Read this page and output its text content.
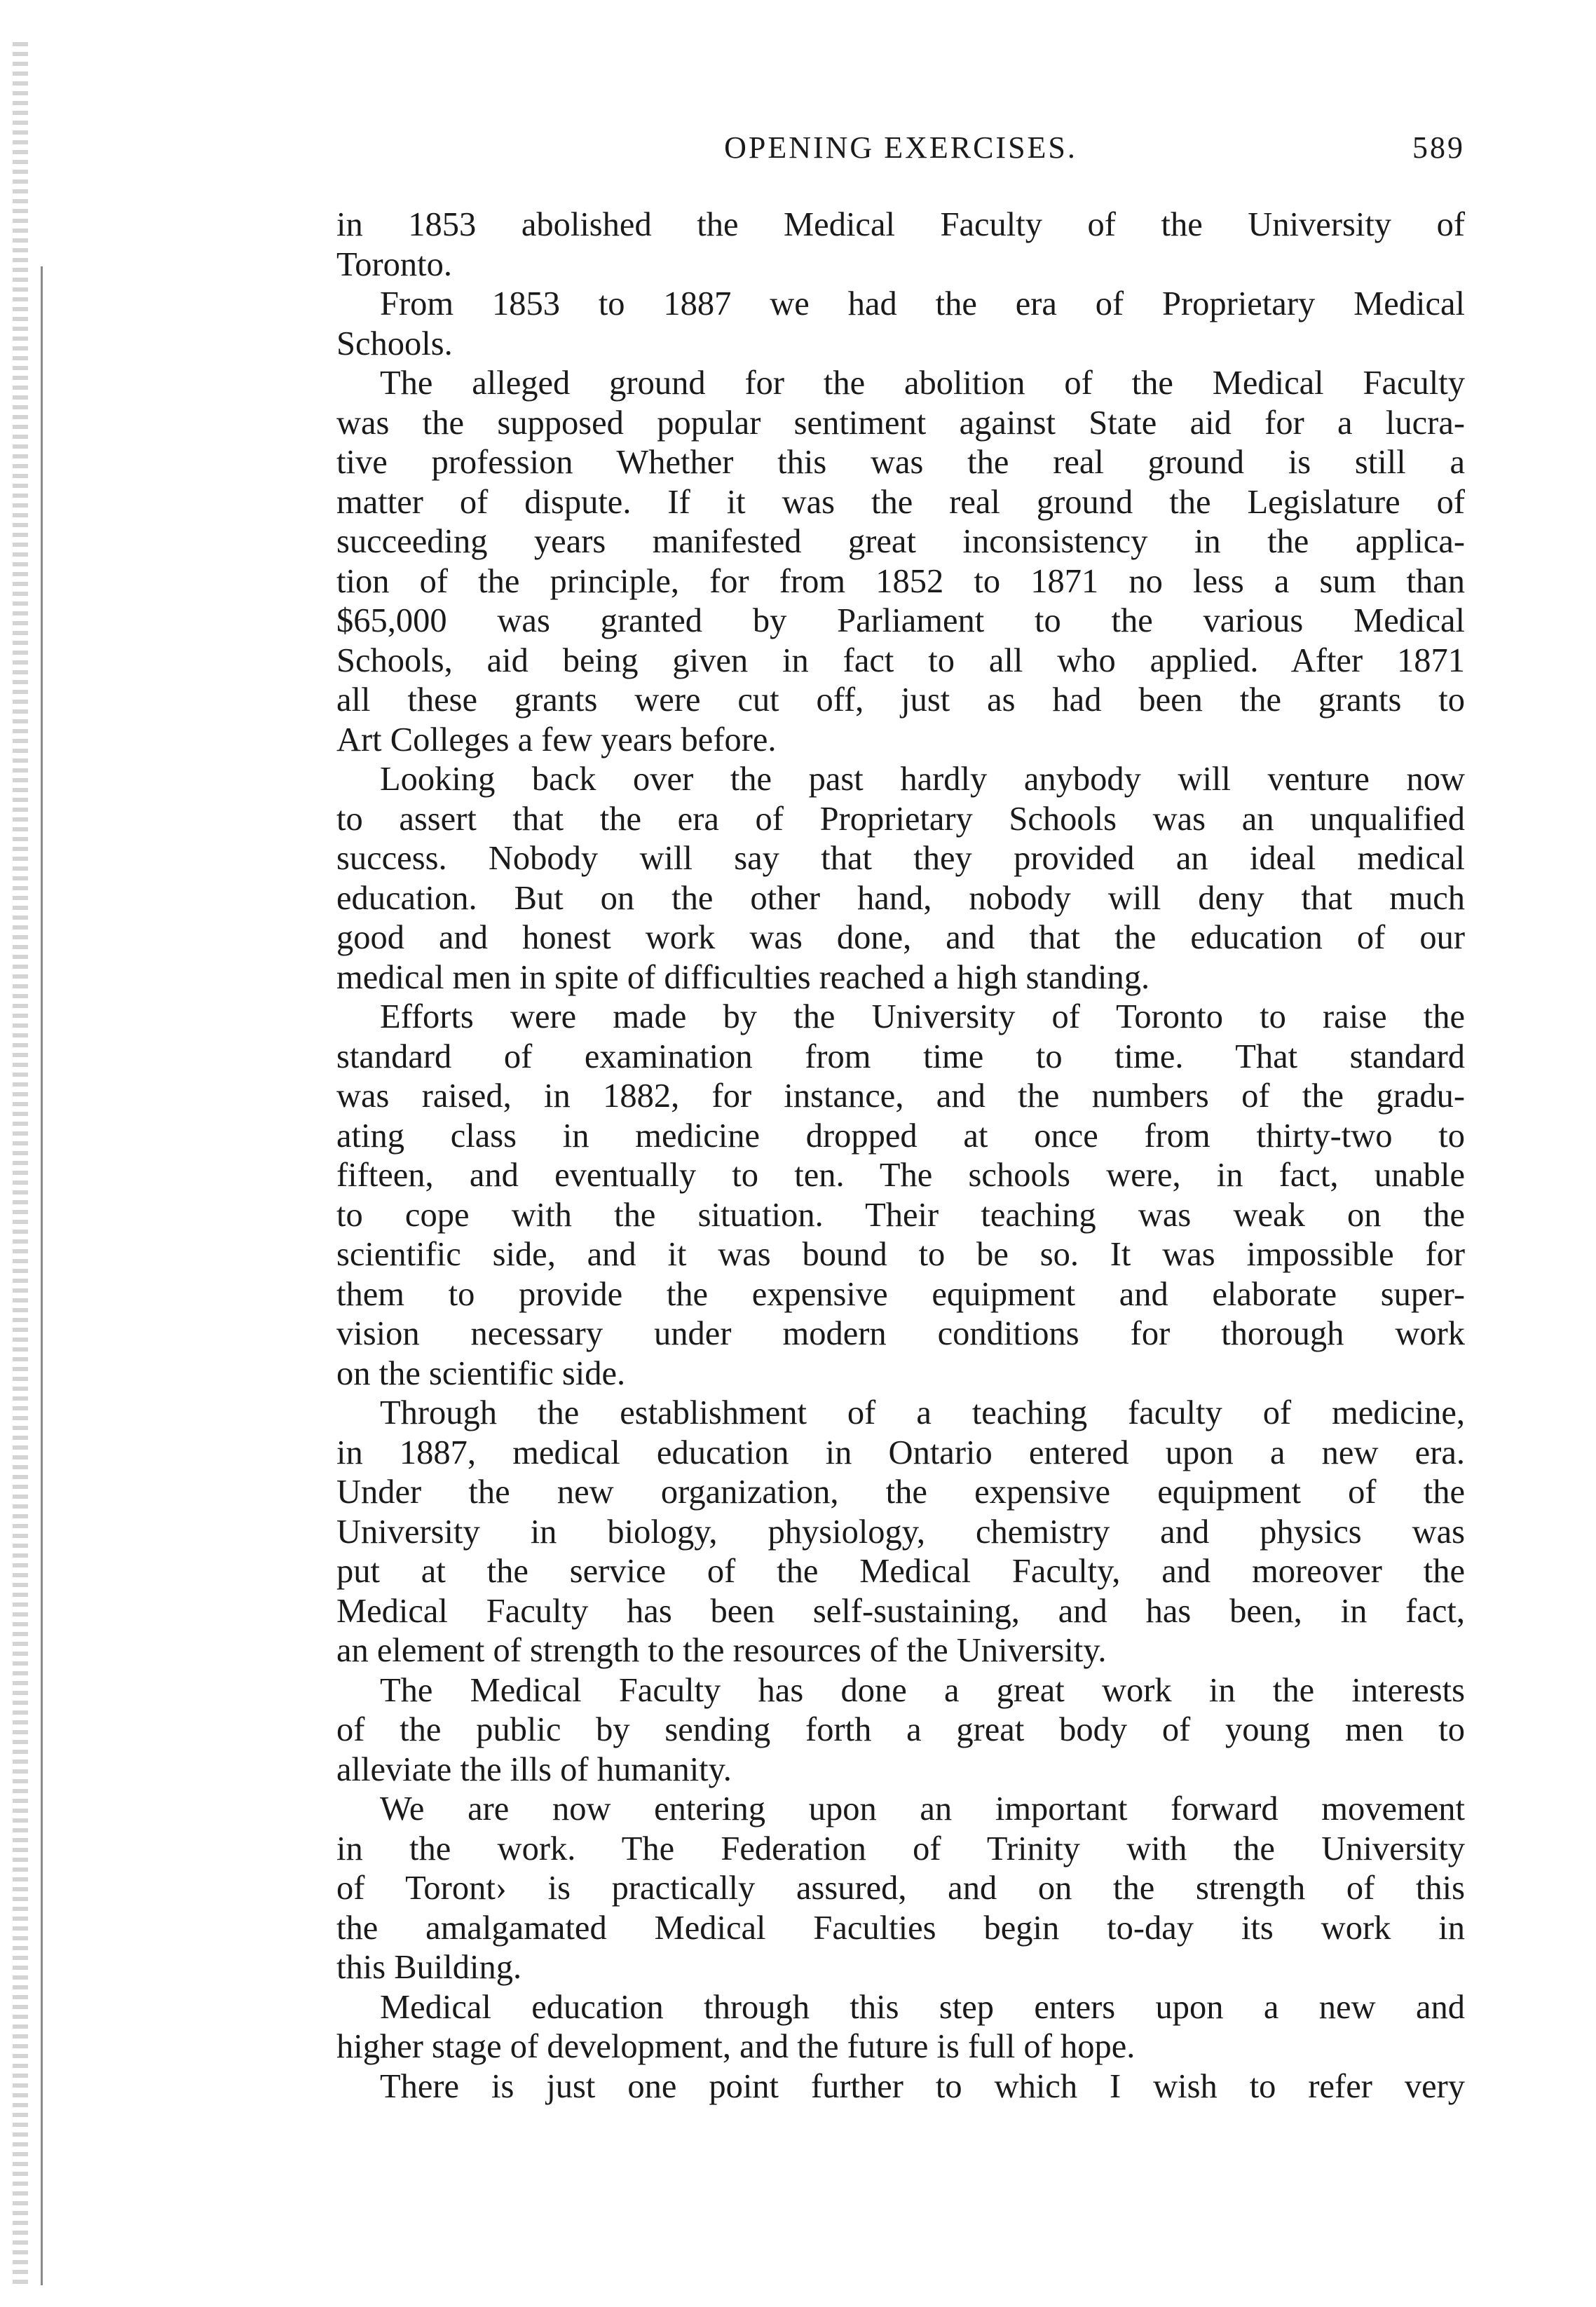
OPENING EXERCISES.	589
in 1853 abolished the Medical Faculty of the University of
Toronto.
From 1853 to 1887 we had the era of Proprietary Medical
Schools.
The alleged ground for the abolition of the Medical Faculty
was the supposed popular sentiment against State aid for a lucra-
tive profession Whether this was the real ground is still a
matter of dispute. If it was the real ground the Legislature of
succeeding years manifested great inconsistency in the applica-
tion of the principle, for from 1852 to 1871 no less a sum than
$65,000 was granted by Parliament to the various Medical
Schools, aid being given in fact to all who applied. After 1871
all these grants were cut off, just as had been the grants to
Art Colleges a few years before.
Looking back over the past hardly anybody will venture now
to assert that the era of Proprietary Schools was an unqualified
success. Nobody will say that they provided an ideal medical
education. But on the other hand, nobody will deny that much
good and honest work was done, and that the education of our
medical men in spite of difficulties reached a high standing.
Efforts were made by the University of Toronto to raise the
standard of examination from time to time. That standard
was raised, in 1882, for instance, and the numbers of the gradu-
ating class in medicine dropped at once from thirty-two to
fifteen, and eventually to ten. The schools were, in fact, unable
to cope with the situation. Their teaching was weak on the
scientific side, and it was bound to be so. It was impossible for
them to provide the expensive equipment and elaborate super-
vision necessary under modern conditions for thorough work
on the scientific side.
Through the establishment of a teaching faculty of medicine,
in 1887, medical education in Ontario entered upon a new era.
Under the new organization, the expensive equipment of the
University in biology, physiology, chemistry and physics was
put at the service of the Medical Faculty, and moreover the
Medical Faculty has been self-sustaining, and has been, in fact,
an element of strength to the resources of the University.
The Medical Faculty has done a great work in the interests
of the public by sending forth a great body of young men to
alleviate the ills of humanity.
We are now entering upon an important forward movement
in the work. The Federation of Trinity with the University
of Toront› is practically assured, and on the strength of this
the amalgamated Medical Faculties begin to-day its work in
this Building.
Medical education through this step enters upon a new and
higher stage of development, and the future is full of hope.
There is just one point further to which I wish to refer very
